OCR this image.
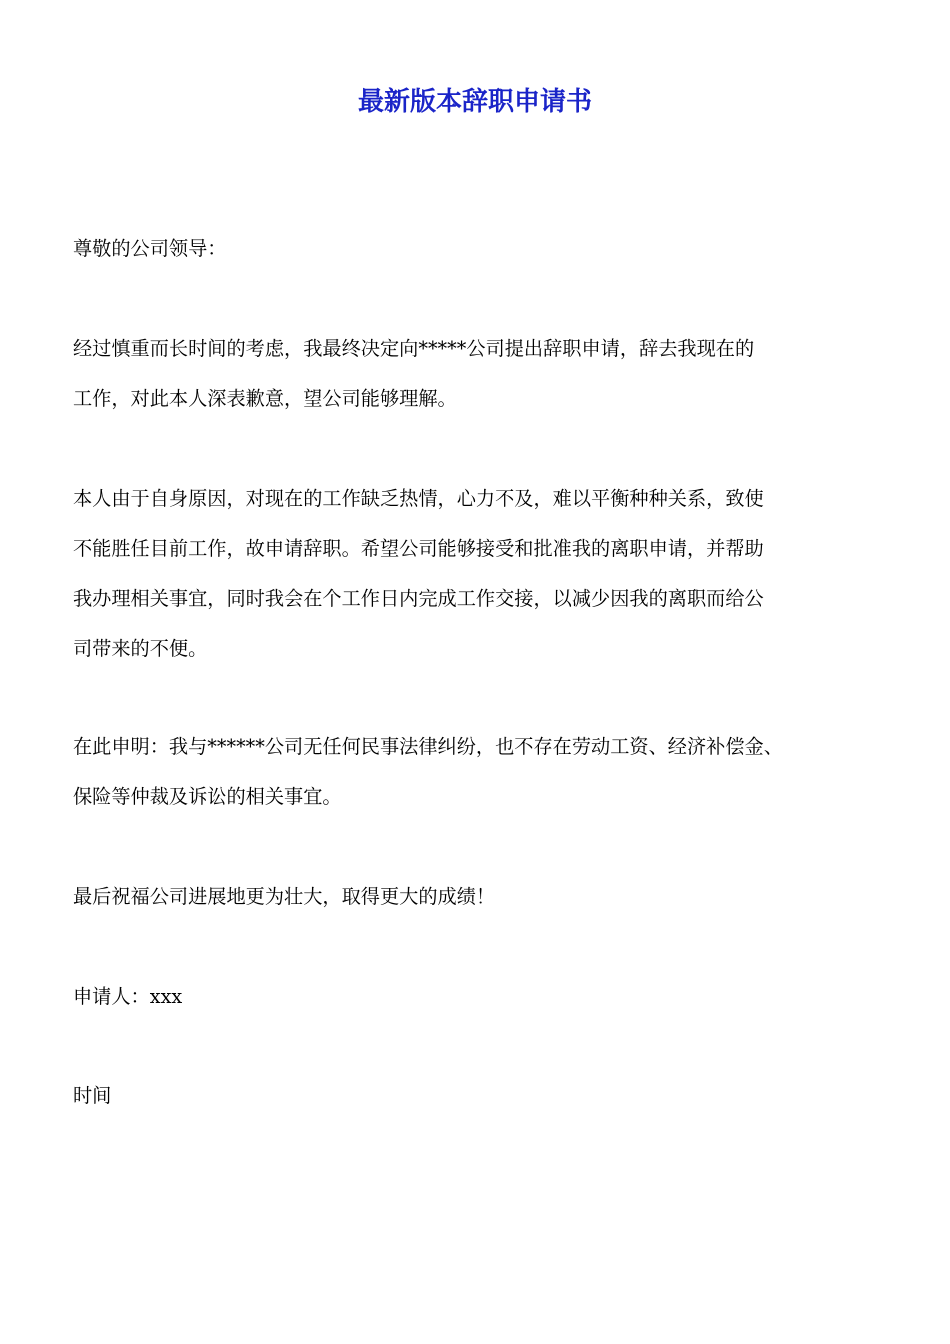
最新版本辞职申请书

尊敬的公司领导：

经过慎重而长时间的考虑，我最终决定向*****公司提出辞职申请，辞去我现在的
工作，对此本人深表歉意，望公司能够理解。

本人由于自身原因，对现在的工作缺乏热情，心力不及，难以平衡种种关系，致使
不能胜任目前工作，故申请辞职。希望公司能够接受和批准我的离职申请，并帮助
我办理相关事宜，同时我会在个工作日内完成工作交接，以减少因我的离职而给公
司带来的不便。

在此申明：我与******公司无任何民事法律纠纷，也不存在劳动工资、经济补偿金、
保险等仲裁及诉讼的相关事宜。

最后祝福公司进展地更为壮大，取得更大的成绩！

申请人：xxx

时间
